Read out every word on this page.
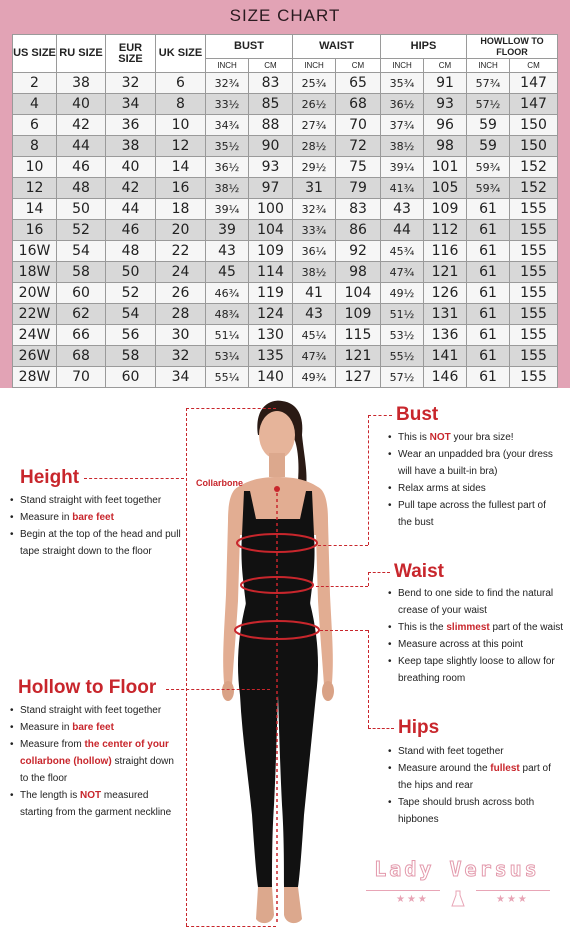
SIZE CHART
US SIZE	RU SIZE	EUR SIZE	UK SIZE	BUST		WAIST		HIPS		HOWLLOW TO FLOOR	
				INCH	CM	INCH	CM	INCH	CM	INCH	CM
2	38	32	6	32¾	83	25¾	65	35¾	91	57¾	147
4	40	34	8	33½	85	26½	68	36½	93	57½	147
6	42	36	10	34¾	88	27¾	70	37¾	96	59	150
8	44	38	12	35½	90	28½	72	38½	98	59	150
10	46	40	14	36½	93	29½	75	39¼	101	59¾	152
12	48	42	16	38½	97	31	79	41¾	105	59¾	152
14	50	44	18	39¼	100	32¾	83	43	109	61	155
16	52	46	20	39	104	33¾	86	44	112	61	155
16W	54	48	22	43	109	36¼	92	45¾	116	61	155
18W	58	50	24	45	114	38½	98	47¾	121	61	155
20W	60	52	26	46¾	119	41	104	49½	126	61	155
22W	62	54	28	48¾	124	43	109	51½	131	61	155
24W	66	56	30	51¼	130	45¼	115	53½	136	61	155
26W	68	58	32	53¼	135	47¾	121	55½	141	61	155
28W	70	60	34	55¼	140	49¾	127	57½	146	61	155
Collarbone
Height
• Stand straight with feet together
• Measure in bare feet
• Begin at the top of the head and pull tape straight down to the floor
Hollow to Floor
• Stand straight with feet together
• Measure in bare feet
• Measure from the center of your collarbone (hollow) straight down to the floor
• The length is NOT measured starting from the garment neckline
Bust
• This is NOT your bra size!
• Wear an unpadded bra (your dress will have a built-in bra)
• Relax arms at sides
• Pull tape across the fullest part of the bust
Waist
• Bend to one side to find the natural crease of your waist
• This is the slimmest part of the waist
• Measure across at this point
• Keep tape slightly loose to allow for breathing room
Hips
• Stand with feet together
• Measure around the fullest part of the hips and rear
• Tape should brush across both hipbones
Lady Versus
★★★	★★★
